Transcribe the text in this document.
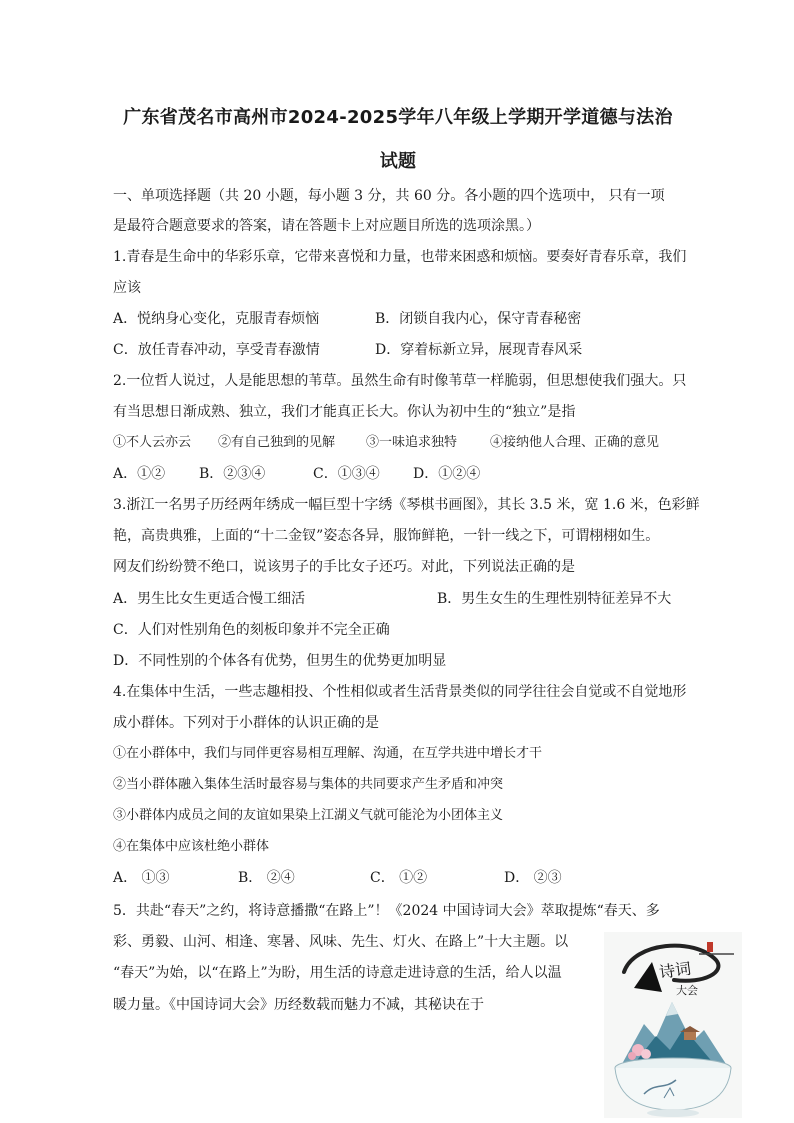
广东省茂名市高州市2024-2025学年八年级上学期开学道德与法治
试题
一、单项选择题（共 20 小题，每小题 3 分，共 60 分。各小题的四个选项中， 只有一项
是最符合题意要求的答案，请在答题卡上对应题目所选的选项涂黑。）
1.青春是生命中的华彩乐章，它带来喜悦和力量，也带来困惑和烦恼。要奏好青春乐章，我们
应该
A．悦纳身心变化，克服青春烦恼	B．闭锁自我内心，保守青春秘密
C．放任青春冲动，享受青春激情	D．穿着标新立异，展现青春风采
2.一位哲人说过，人是能思想的苇草。虽然生命有时像苇草一样脆弱，但思想使我们强大。只
有当思想日渐成熟、独立，我们才能真正长大。你认为初中生的“独立”是指
①不人云亦云 ②有自己独到的见解 ③一味追求独特	④接纳他人合理、正确的意见
A．①② B．②③④	C．①③④ D．①②④
3.浙江一名男子历经两年绣成一幅巨型十字绣《琴棋书画图》，其长 3.5 米，宽 1.6 米，色彩鲜
艳，高贵典雅，上面的“十二金钗”姿态各异，服饰鲜艳，一针一线之下，可谓栩栩如生。
网友们纷纷赞不绝口，说该男子的手比女子还巧。对此，下列说法正确的是
A．男生比女生更适合慢工细活	B．男生女生的生理性别特征差异不大
C．人们对性别角色的刻板印象并不完全正确
D．不同性别的个体各有优势，但男生的优势更加明显
4.在集体中生活，一些志趣相投、个性相似或者生活背景类似的同学往往会自觉或不自觉地形
成小群体。下列对于小群体的认识正确的是
①在小群体中，我们与同伴更容易相互理解、沟通，在互学共进中增长才干
②当小群体融入集体生活时最容易与集体的共同要求产生矛盾和冲突
③小群体内成员之间的友谊如果染上江湖义气就可能沦为小团体主义
④在集体中应该杜绝小群体
A． ①③	B． ②④	C． ①②	D． ②③
5．共赴“春天”之约，将诗意播撒“在路上”！《2024 中国诗词大会》萃取提炼“春天、多
彩、勇毅、山河、相逢、寒暑、风味、先生、灯火、在路上”十大主题。以
“春天”为始，以“在路上”为盼，用生活的诗意走进诗意的生活，给人以温
暖力量。《中国诗词大会》历经数载而魅力不减，其秘诀在于
诗词
大会
